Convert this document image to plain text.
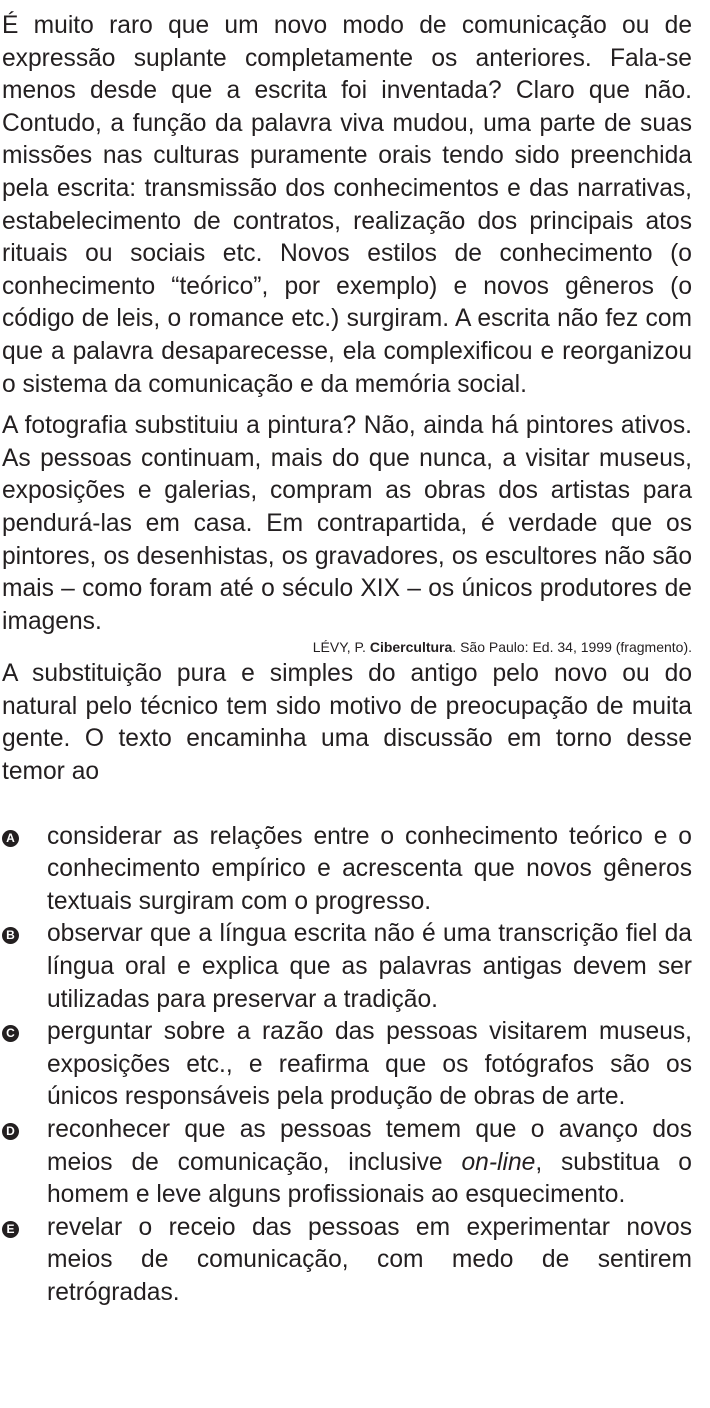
É muito raro que um novo modo de comunicação ou de expressão suplante completamente os anteriores. Fala-se menos desde que a escrita foi inventada? Claro que não. Contudo, a função da palavra viva mudou, uma parte de suas missões nas culturas puramente orais tendo sido preenchida pela escrita: transmissão dos conhecimentos e das narrativas, estabelecimento de contratos, realização dos principais atos rituais ou sociais etc. Novos estilos de conhecimento (o conhecimento “teórico”, por exemplo) e novos gêneros (o código de leis, o romance etc.) surgiram. A escrita não fez com que a palavra desaparecesse, ela complexificou e reorganizou o sistema da comunicação e da memória social.

A fotografia substituiu a pintura? Não, ainda há pintores ativos. As pessoas continuam, mais do que nunca, a visitar museus, exposições e galerias, compram as obras dos artistas para pendurá-las em casa. Em contrapartida, é verdade que os pintores, os desenhistas, os gravadores, os escultores não são mais – como foram até o século XIX – os únicos produtores de imagens.

LÉVY, P. Cibercultura. São Paulo: Ed. 34, 1999 (fragmento).

A substituição pura e simples do antigo pelo novo ou do natural pelo técnico tem sido motivo de preocupação de muita gente. O texto encaminha uma discussão em torno desse temor ao

A considerar as relações entre o conhecimento teórico e o conhecimento empírico e acrescenta que novos gêneros textuais surgiram com o progresso.
B observar que a língua escrita não é uma transcrição fiel da língua oral e explica que as palavras antigas devem ser utilizadas para preservar a tradição.
C perguntar sobre a razão das pessoas visitarem museus, exposições etc., e reafirma que os fotógrafos são os únicos responsáveis pela produção de obras de arte.
D reconhecer que as pessoas temem que o avanço dos meios de comunicação, inclusive on-line, substitua o homem e leve alguns profissionais ao esquecimento.
E revelar o receio das pessoas em experimentar novos meios de comunicação, com medo de sentirem retrógradas.
